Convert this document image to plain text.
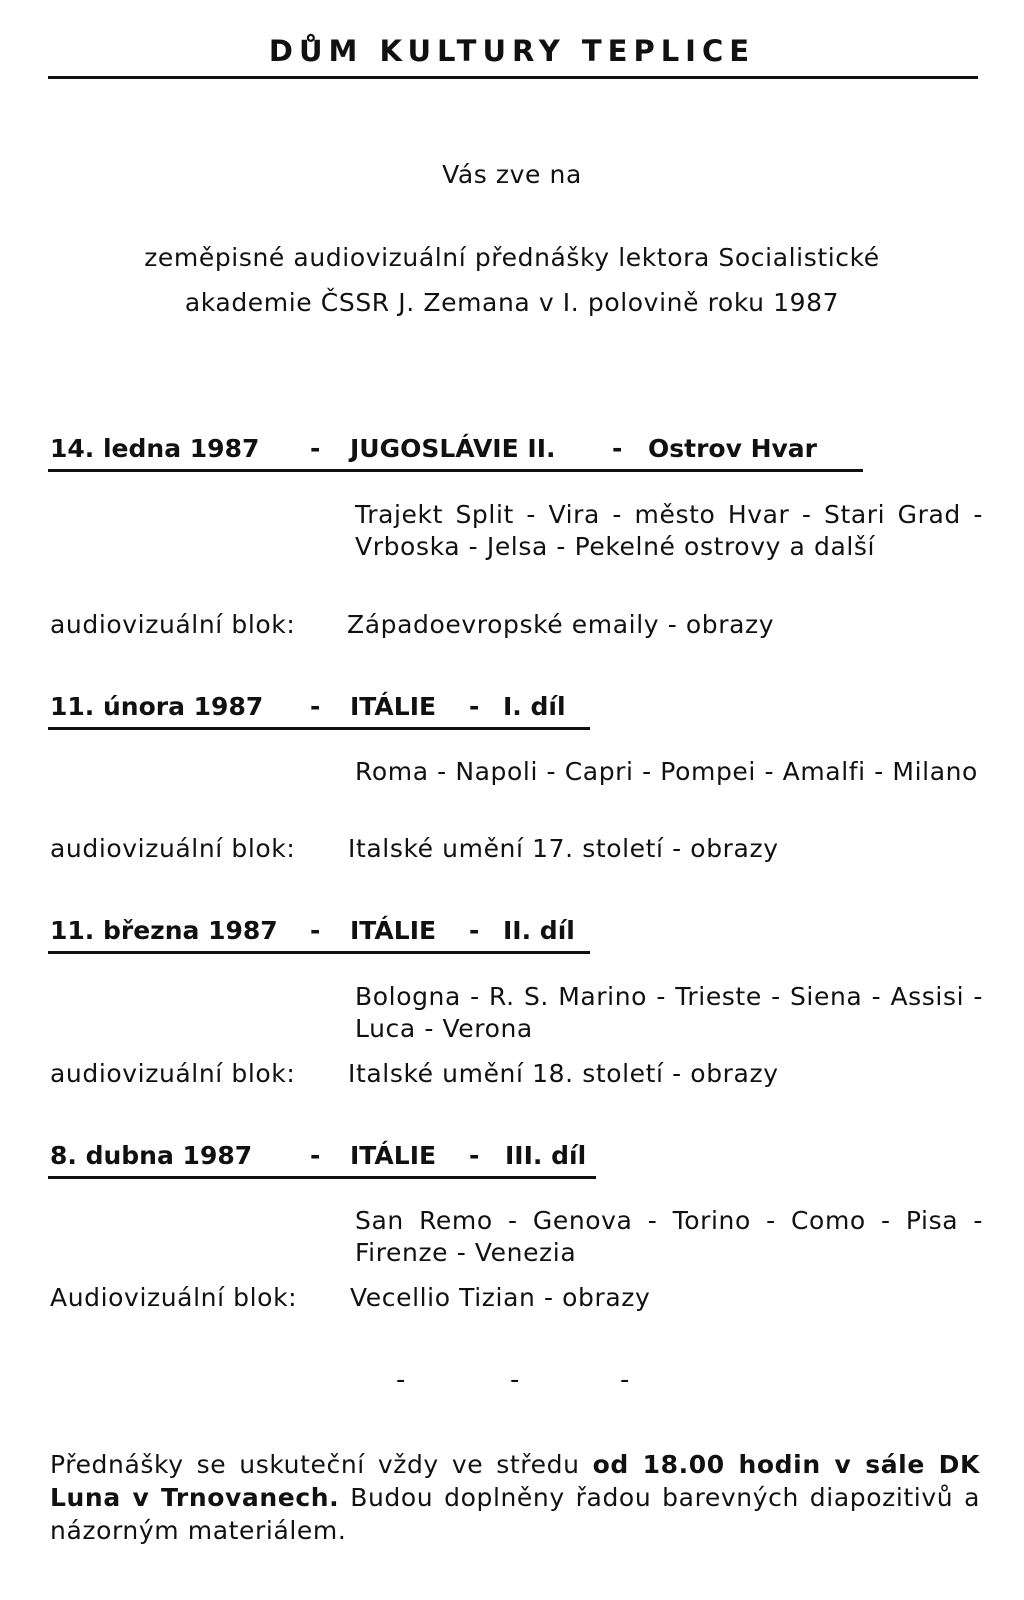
DŮM KULTURY TEPLICE
Vás zve na
zeměpisné audiovizuální přednášky lektora Socialistické
akademie ČSSR J. Zemana v I. polovině roku 1987
14. ledna 1987 - JUGOSLÁVIE II. - Ostrov Hvar
Trajekt Split - Vira - město Hvar - Stari Grad - Vrboska - Jelsa - Pekelné ostrovy a další
audiovizuální blok: Západoevropské emaily - obrazy
11. února 1987 - ITÁLIE - I. díl
Roma - Napoli - Capri - Pompei - Amalfi - Milano
audiovizuální blok: Italské umění 17. století - obrazy
11. března 1987 - ITÁLIE - II. díl
Bologna - R. S. Marino - Trieste - Siena - Assisi - Luca - Verona
audiovizuální blok: Italské umění 18. století - obrazy
8. dubna 1987 - ITÁLIE - III. díl
San Remo - Genova - Torino - Como - Pisa - Firenze - Venezia
Audiovizuální blok: Vecellio Tizian - obrazy
-	-	-
Přednášky se uskuteční vždy ve středu od 18.00 hodin v sále DK Luna v Trnovanech. Budou doplněny řadou barevných diapozitivů a názorným materiálem.
